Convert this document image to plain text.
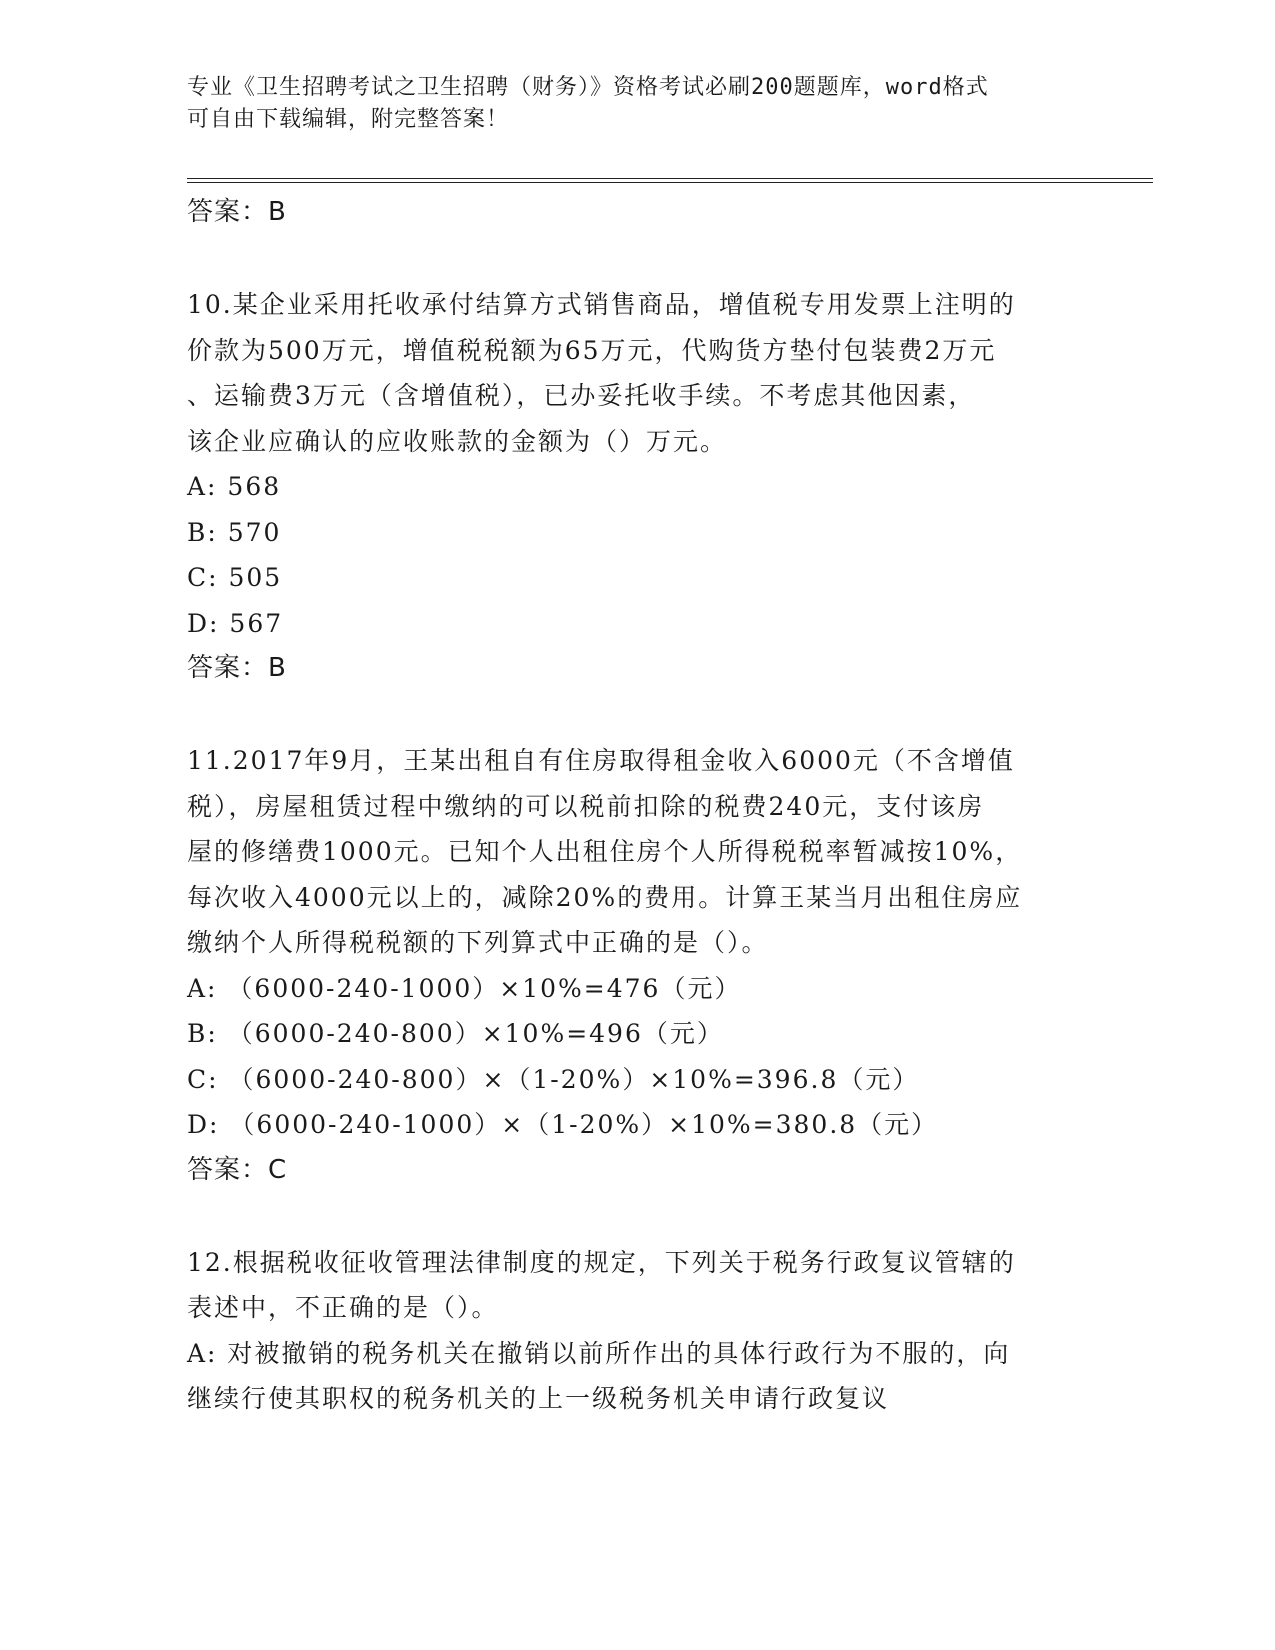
专业《卫生招聘考试之卫生招聘（财务）》资格考试必刷200题题库，word格式
可自由下载编辑，附完整答案！

答案：B

10.某企业采用托收承付结算方式销售商品，增值税专用发票上注明的

价款为500万元，增值税税额为65万元，代购货方垫付包装费2万元

、运输费3万元（含增值税），已办妥托收手续。不考虑其他因素，

该企业应确认的应收账款的金额为（）万元。

A: 568

B: 570

C: 505

D: 567

答案：B

11.2017年9月，王某出租自有住房取得租金收入6000元（不含增值

税），房屋租赁过程中缴纳的可以税前扣除的税费240元，支付该房

屋的修缮费1000元。已知个人出租住房个人所得税税率暂减按10%，

每次收入4000元以上的，减除20%的费用。计算王某当月出租住房应

缴纳个人所得税税额的下列算式中正确的是（）。

A: （6000-240-1000）×10%=476（元）

B: （6000-240-800）×10%=496（元）

C: （6000-240-800）×（1-20%）×10%=396.8（元）

D: （6000-240-1000）×（1-20%）×10%=380.8（元）

答案：C

12.根据税收征收管理法律制度的规定，下列关于税务行政复议管辖的

表述中，不正确的是（）。

A: 对被撤销的税务机关在撤销以前所作出的具体行政行为不服的，向

继续行使其职权的税务机关的上一级税务机关申请行政复议
